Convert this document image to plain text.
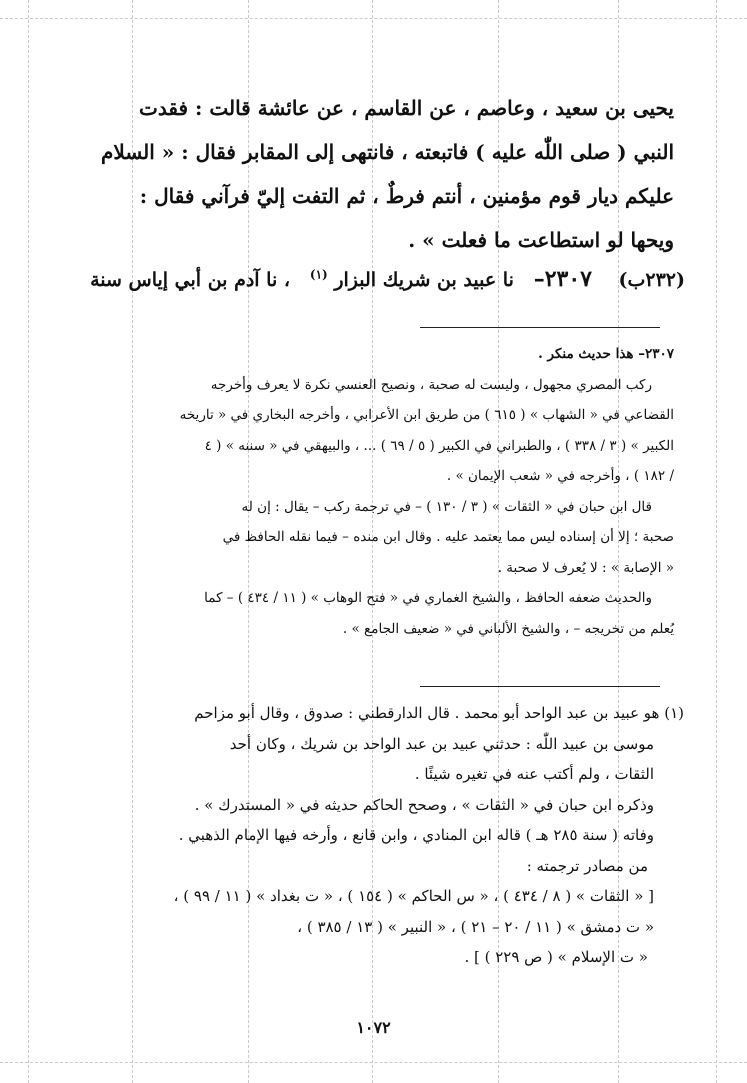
يحيى بن سعيد ، وعاصم ، عن القاسم ، عن عائشة قالت : فقدت
النبي ( صلى اللّٰه عليه ) فاتبعته ، فانتهى إلى المقابر فقال : « السلام
عليكم ديار قوم مؤمنين ، أنتم فرطٌ ، ثم التفت إليّ فرآني فقال :
ويحها لو استطاعت ما فعلت » .
(٢٣٢ب)    ٢٣٠٧–   نا عبيد بن شريك البزار $^{(١)}$   ، نا آدم بن أبي إياس سنة

٢٣٠٧– هذا حديث منكر .

ركب المصري مجهول ، وليست له صحبة ، ونصيح العنسي نكرة لا يعرف وأخرجه

القضاعي في « الشهاب » ( ٦١٥ ) من طريق ابن الأعرابي ، وأخرجه البخاري في « تاريخه

الكبير » ( ٣ / ٣٣٨ ) ، والطبراني في الكبير ( ٥ / ٦٩ ) ... ، والبيهقي في « سننه » ( ٤

/ ١٨٢ ) ، وأخرجه في « شعب الإيمان » .

قال ابن حبان في « الثقات » ( ٣ / ١٣٠ ) – في ترجمة ركب – يقال : إن له

صحبة ؛ إلا أن إسناده ليس مما يعتمد عليه . وقال ابن منده – فيما نقله الحافظ في

« الإصابة » : لا يُعرف لا صحبة .

والحديث ضعفه الحافظ ، والشيخ الغماري في « فتح الوهاب » ( ١١ / ٤٣٤ ) – كما

يُعلم من تخريجه – ، والشيخ الألباني في « ضعيف الجامع » .

(١) هو عبيد بن عبد الواحد أبو محمد . قال الدارقطني : صدوق ، وقال أبو مزاحم

موسى بن عبيد اللّٰه : حدثني عبيد بن عبد الواحد بن شريك ، وكان أحد

الثقات ، ولم أكتب عنه في تغيره شيئًا .

وذكره ابن حبان في « الثقات » ، وصحح الحاكم حديثه في « المستدرك » .

وفاته ( سنة ٢٨٥ هـ ) قاله ابن المنادي ، وابن قانع ، وأرخه فيها الإمام الذهبي .

من مصادر ترجمته :

[ « الثقات » ( ٨ / ٤٣٤ ) ، « س الحاكم » ( ١٥٤ ) ، « ت بغداد » ( ١١ / ٩٩ ) ،

« ت دمشق » ( ١١ / ٢٠ – ٢١ ) ، « النبير » ( ١٣ / ٣٨٥ ) ،

« ت الإسلام » ( ص ٢٢٩ ) ] .

١٠٧٢
